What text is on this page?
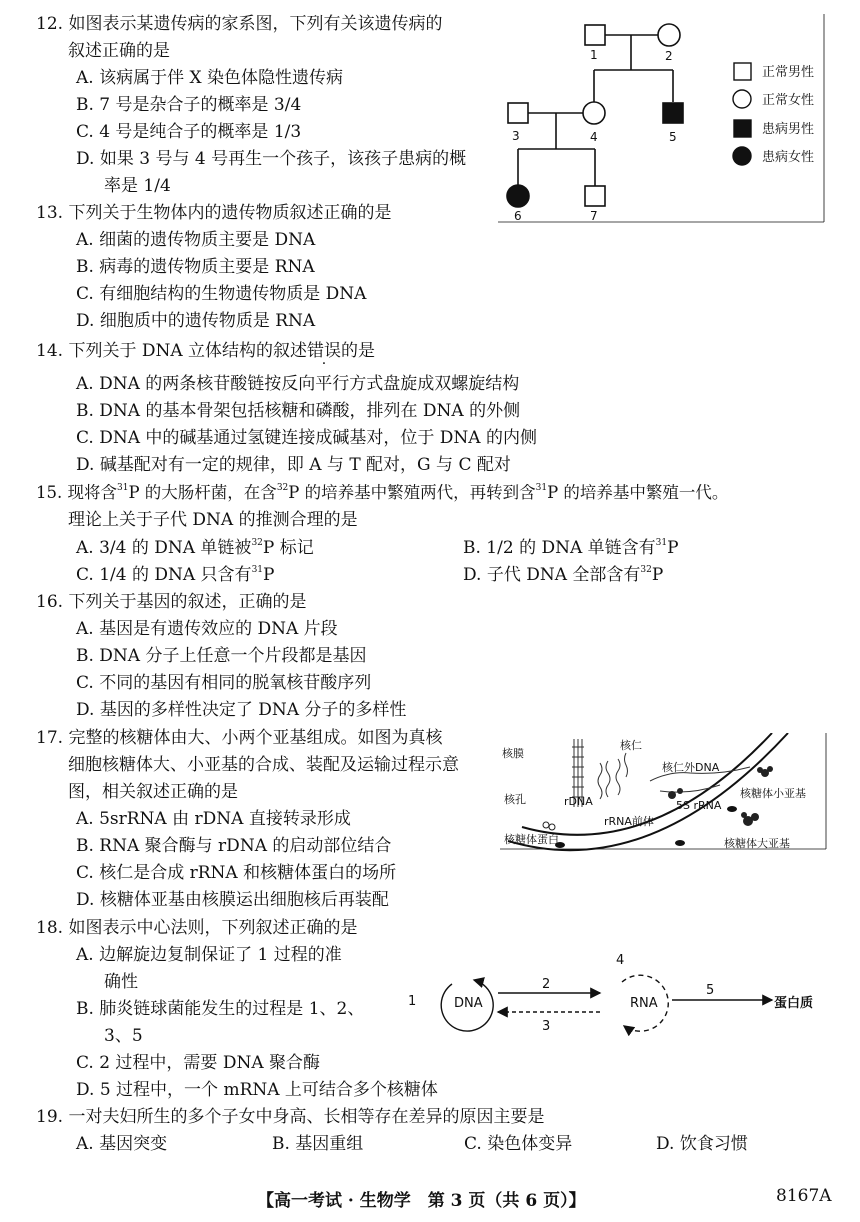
12. 如图表示某遗传病的家系图，下列有关该遗传病的
叙述正确的是
A. 该病属于伴 X 染色体隐性遗传病
B. 7 号是杂合子的概率是 3/4
C. 4 号是纯合子的概率是 1/3
D. 如果 3 号与 4 号再生一个孩子，该孩子患病的概
率是 1/4
1	2
3	4	5
6	7
正常男性
正常女性
患病男性
患病女性
13. 下列关于生物体内的遗传物质叙述正确的是
A. 细菌的遗传物质主要是 DNA
B. 病毒的遗传物质主要是 RNA
C. 有细胞结构的生物遗传物质是 DNA
D. 细胞质中的遗传物质是 RNA
14. 下列关于 DNA 立体结构的叙述错误的是
A. DNA 的两条核苷酸链按反向平行方式盘旋成双螺旋结构
B. DNA 的基本骨架包括核糖和磷酸，排列在 DNA 的外侧
C. DNA 中的碱基通过氢键连接成碱基对，位于 DNA 的内侧
D. 碱基配对有一定的规律，即 A 与 T 配对，G 与 C 配对
15. 现将含$^{31}$P 的大肠杆菌，在含$^{32}$P 的培养基中繁殖两代，再转到含$^{31}$P 的培养基中繁殖一代。
理论上关于子代 DNA 的推测合理的是
A. 3/4 的 DNA 单链被$^{32}$P 标记	B. 1/2 的 DNA 单链含有$^{31}$P
C. 1/4 的 DNA 只含有$^{31}$P	D. 子代 DNA 全部含有$^{32}$P
16. 下列关于基因的叙述，正确的是
A. 基因是有遗传效应的 DNA 片段
B. DNA 分子上任意一个片段都是基因
C. 不同的基因有相同的脱氧核苷酸序列
D. 基因的多样性决定了 DNA 分子的多样性
17. 完整的核糖体由大、小两个亚基组成。如图为真核
细胞核糖体大、小亚基的合成、装配及运输过程示意
图，相关叙述正确的是
A. 5srRNA 由 rDNA 直接转录形成
B. RNA 聚合酶与 rDNA 的启动部位结合
C. 核仁是合成 rRNA 和核糖体蛋白的场所
D. 核糖体亚基由核膜运出细胞核后再装配
核膜
核仁
核孔	rDNA
核仁外DNA
核糖体小亚基
5S rRNA
rRNA前体
核糖体蛋白	核糖体大亚基
18. 如图表示中心法则，下列叙述正确的是
A. 边解旋边复制保证了 1 过程的准
确性
B. 肺炎链球菌能发生的过程是 1、2、
3、5
C. 2 过程中，需要 DNA 聚合酶
D. 5 过程中，一个 mRNA 上可结合多个核糖体
1	DNA
2
3
4
RNA
5
蛋白质
19. 一对夫妇所生的多个子女中身高、长相等存在差异的原因主要是
A. 基因突变	B. 基因重组	C. 染色体变异	D. 饮食习惯
【高一考试 · 生物学　第 3 页（共 6 页）】	8167A
